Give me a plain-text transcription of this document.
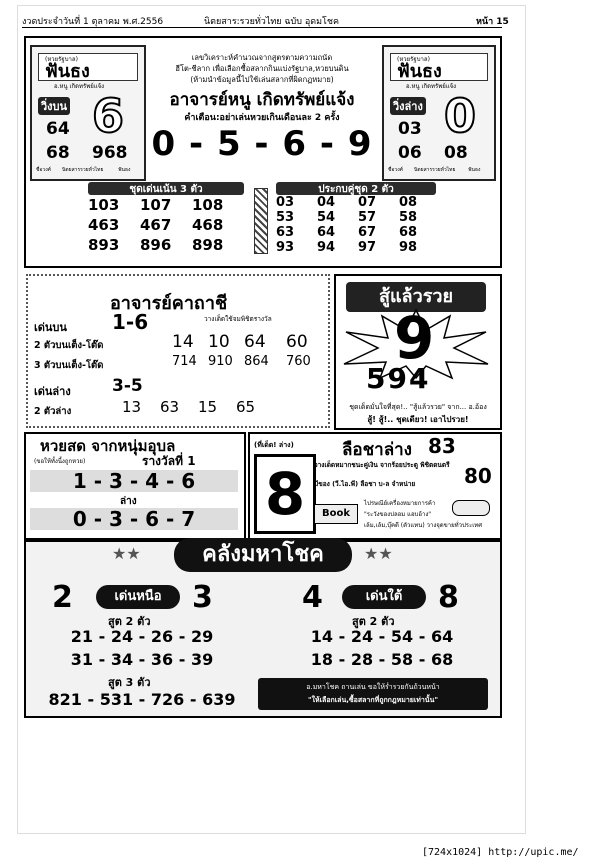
งวดประจำวันที่ 1 ตุลาคม พ.ศ.2556	นิตยสาร:รวยทั่วไทย ฉบับ อุดมโชค	หน้า 15
ฟันธง
(หวยรัฐบาล)
อ.หนู เกิดทรัพย์แจ้ง
วิ่งบน 6
64
68 968
ชื่อวงศ์ นิตยสารรวยทั่วไทย	ฟันธง
ฟันธง
(หวยรัฐบาล)
อ.หนู เกิดทรัพย์แจ้ง
วิ่งล่าง 0
03
06 08
ชื่อวงศ์ นิตยสารรวยทั่วไทย	ฟันธง
เลขวิเคราะห์คำนวณจากสูตรตามความถนัด
ฮีโต-ชีลาก เพื่อเลือกซื้อสลากกินแบ่งรัฐบาล,หวยบนดิน
(ห้ามนำข้อมูลนี้ไปใช้เล่นสลากที่ผิดกฏหมาย)
อาจารย์หนู เกิดทรัพย์แจ้ง
คำเตือน:อย่าเล่นหวยเกินเดือนละ 2 ครั้ง
0 - 5 - 6 - 9
ชุดเด่นเน้น 3 ตัว
103 107 108
463 467 468
893 896 898
ประกบคู่ชุด 2 ตัว
03 04 07 08
53 54 57 58
63 64 67 68
93 94 97 98
อาจารย์คาถาชี
เด่นบน 1-6	วางเด็ดใช้จมพิชิตรางวัล
2 ตัวบนเต็ง-โต๊ด	14 10 64 60
3 ตัวบนเต็ง-โต๊ด	714 910 864 760
เด่นล่าง 3-5
2 ตัวล่าง	13 63 15 65
สู้แล้วรวย
9
594
ชุดเด็ดมั่นใจที่สุด!.. "สู้แล้วรวย" จาก... อ.อ้อง
สู้! สู้!.. ชุดเดียว! เอาไปรวย!
หวยสด จากหนุ่มอุบล
(ขอให้ทั้งนี้งถูกหวย)	รางวัลที่ 1
1 - 3 - 4 - 6
ล่าง
0 - 3 - 6 - 7
(ที่เด็ด! ล่าง)
8
ลือชาล่าง 83
วางเด็ดหมากชนะคู่เงิน จากร้อยประตู พิชิตดนตรี 80
มีของ (วี.ไอ.พี) ลือชา บ-ล จำหน่าย
Book
ไปรษณีย์เครื่องหมายการค้า
"ระวังของปลอม แอบอ้าง"
เล้ม,เล้ม,บุ๊คดี (ตัวแทน) วางจุดขายทั่วประเทศ
★★	คลังมหาโชค	★★
2	เด่นหนือ	3
สูต 2 ตัว
21 - 24 - 26 - 29
31 - 34 - 36 - 39
สูต 3 ตัว
821 - 531 - 726 - 639
4	เด่นใต้	8
สูต 2 ตัว
14 - 24 - 54 - 64
18 - 28 - 58 - 68
อ.มหาโชค ถานเล่น ขอให้ร่ำรวยกันถ้วนหน้า
"ให้เลือกเล่น,ซื้อสลากที่ถูกกฎหมายเท่านั้น"
[724x1024] http://upic.me/
